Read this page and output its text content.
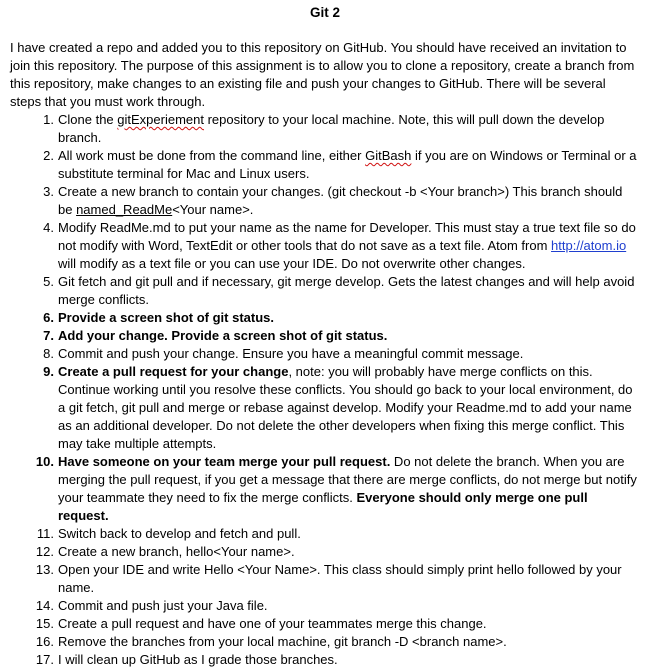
Git 2
I have created a repo and added you to this repository on GitHub. You should have received an invitation to join this repository. The purpose of this assignment is to allow you to clone a repository, create a branch from this repository, make changes to an existing file and push your changes to GitHub. There will be several steps that you must work through.
1. Clone the gitExperiement repository to your local machine. Note, this will pull down the develop branch.
2. All work must be done from the command line, either GitBash if you are on Windows or Terminal or a substitute terminal for Mac and Linux users.
3. Create a new branch to contain your changes. (git checkout -b <Your branch>) This branch should be named_ReadMe<Your name>.
4. Modify ReadMe.md to put your name as the name for Developer. This must stay a true text file so do not modify with Word, TextEdit or other tools that do not save as a text file. Atom from http://atom.io will modify as a text file or you can use your IDE. Do not overwrite other changes.
5. Git fetch and git pull and if necessary, git merge develop. Gets the latest changes and will help avoid merge conflicts.
6. Provide a screen shot of git status.
7. Add your change. Provide a screen shot of git status.
8. Commit and push your change. Ensure you have a meaningful commit message.
9. Create a pull request for your change, note: you will probably have merge conflicts on this. Continue working until you resolve these conflicts. You should go back to your local environment, do a git fetch, git pull and merge or rebase against develop. Modify your Readme.md to add your name as an additional developer. Do not delete the other developers when fixing this merge conflict. This may take multiple attempts.
10. Have someone on your team merge your pull request. Do not delete the branch. When you are merging the pull request, if you get a message that there are merge conflicts, do not merge but notify your teammate they need to fix the merge conflicts. Everyone should only merge one pull request.
11. Switch back to develop and fetch and pull.
12. Create a new branch, hello<Your name>.
13. Open your IDE and write Hello <Your Name>. This class should simply print hello followed by your name.
14. Commit and push just your Java file.
15. Create a pull request and have one of your teammates merge this change.
16. Remove the branches from your local machine, git branch -D <branch name>.
17. I will clean up GitHub as I grade those branches.
